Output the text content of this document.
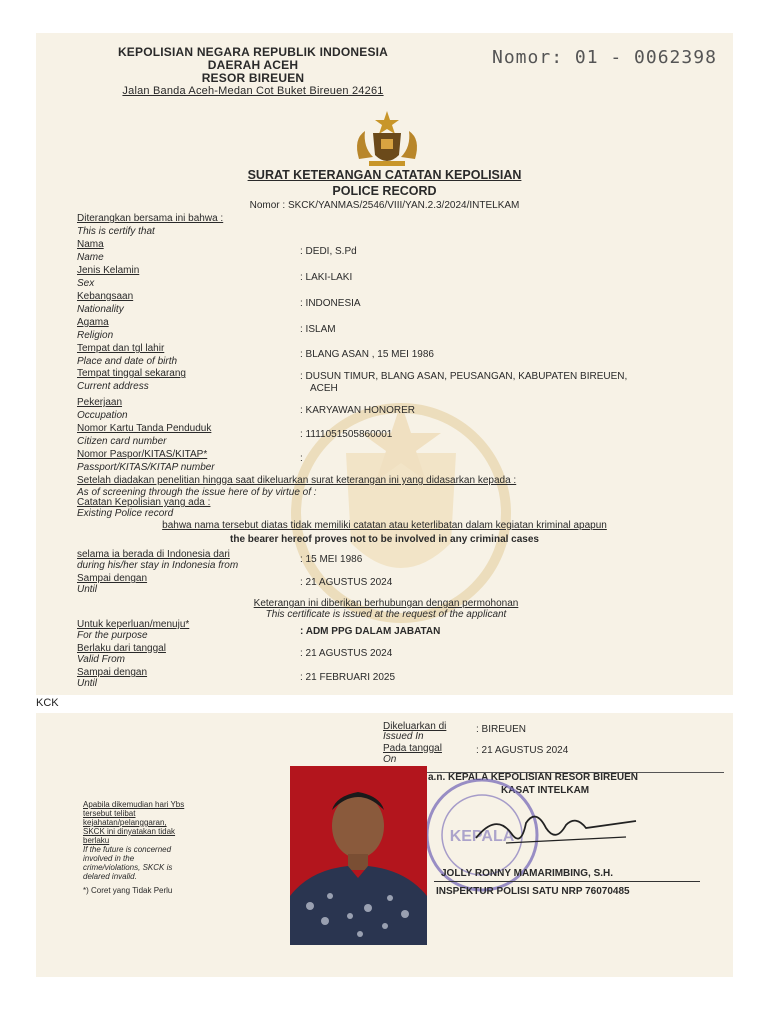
KEPOLISIAN NEGARA REPUBLIK INDONESIA
DAERAH ACEH
RESOR BIREUEN
Jalan Banda Aceh-Medan Cot Buket Bireuen 24261
Nomor: 01 - 0062398
SURAT KETERANGAN CATATAN KEPOLISIAN
POLICE RECORD
Nomor : SKCK/YANMAS/2546/VIII/YAN.2.3/2024/INTELKAM
Diterangkan bersama ini bahwa :
This is certify that
Nama
Name
: DEDI, S.Pd
Jenis Kelamin
Sex
: LAKI-LAKI
Kebangsaan
Nationality
: INDONESIA
Agama
Religion
: ISLAM
Tempat dan tgl lahir
Place and date of birth
: BLANG ASAN , 15 MEI 1986
Tempat tinggal sekarang
Current address
: DUSUN TIMUR, BLANG ASAN, PEUSANGAN, KABUPATEN BIREUEN,
ACEH
Pekerjaan
Occupation	: KARYAWAN HONORER
Nomor Kartu Tanda Penduduk
Citizen card number
: 1111051505860001
Nomor Paspor/KITAS/KITAP*
Passport/KITAS/KITAP number
:
Setelah diadakan penelitian hingga saat dikeluarkan surat keterangan ini yang didasarkan kepada :
As of screening through the issue here of by virtue of :
Catatan Kepolisian yang ada :
Existing Police record
bahwa nama tersebut diatas tidak memiliki catatan atau keterlibatan dalam kegiatan kriminal apapun
the bearer hereof proves not to be involved in any criminal cases
selama ia berada di Indonesia dari
during his/her stay in Indonesia from
: 15 MEI 1986
Sampai dengan
Until
: 21 AGUSTUS 2024
Keterangan ini diberikan berhubungan dengan permohonan
This certificate is issued at the request of the applicant
Untuk keperluan/menuju*
For the purpose	: ADM PPG DALAM JABATAN
Berlaku dari tanggal
Valid From
: 21 AGUSTUS 2024
Sampai dengan
Until
: 21 FEBRUARI 2025
KCK
Dikeluarkan di
Issued In
: BIREUEN
Pada tanggal
On
: 21 AGUSTUS 2024
a.n. KEPALA KEPOLISIAN RESOR BIREUEN
KASAT INTELKAM
KEPALA
JOLLY RONNY MAMARIMBING, S.H.
INSPEKTUR POLISI SATU NRP 76070485
Apabila dikemudian hari Ybs
tersebut telibat
kejahatan/pelanggaran,
SKCK ini dinyatakan tidak
berlaku
If the future is concerned
involved in the
crime/violations, SKCK is
delared invalid.
*) Coret yang Tidak Perlu
